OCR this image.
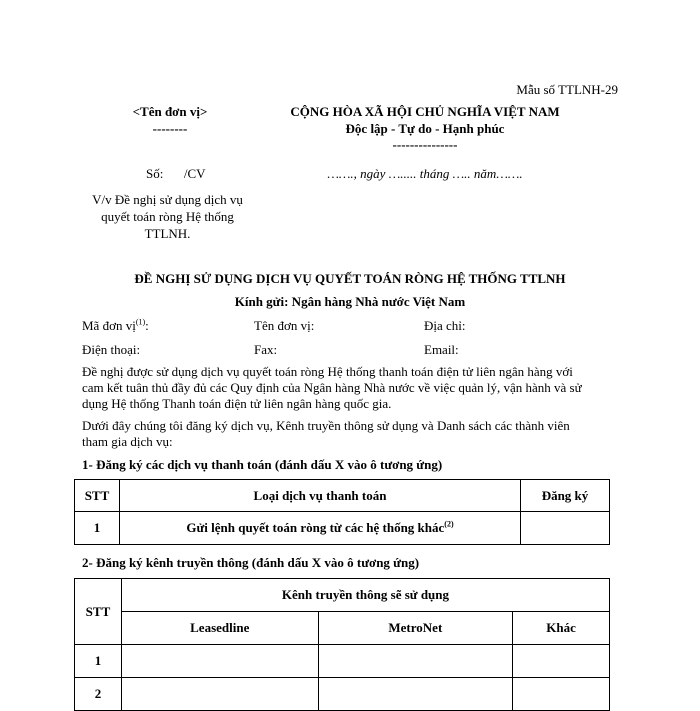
Mẫu số TTLNH-29
<Tên đơn vị>
--------
Số: /CV
V/v Đề nghị sử dụng dịch vụ
quyết toán ròng Hệ thống
TTLNH.
CỘNG HÒA XÃ HỘI CHỦ NGHĨA VIỆT NAM
Độc lập - Tự do - Hạnh phúc
---------------
……., ngày …..... tháng ….. năm…….
ĐỀ NGHỊ SỬ DỤNG DỊCH VỤ QUYẾT TOÁN RÒNG HỆ THỐNG TTLNH
Kính gửi: Ngân hàng Nhà nước Việt Nam
Mã đơn vị$^{(1)}$:	Tên đơn vị:	Địa chỉ:
Điện thoại:	Fax:	Email:
Đề nghị được sử dụng dịch vụ quyết toán ròng Hệ thống thanh toán điện tử liên ngân hàng với
cam kết tuân thủ đầy đủ các Quy định của Ngân hàng Nhà nước về việc quản lý, vận hành và sử
dụng Hệ thống Thanh toán điện tử liên ngân hàng quốc gia.
Dưới đây chúng tôi đăng ký dịch vụ, Kênh truyền thông sử dụng và Danh sách các thành viên
tham gia dịch vụ:
1- Đăng ký các dịch vụ thanh toán (đánh dấu X vào ô tương ứng)
STT	Loại dịch vụ thanh toán	Đăng ký
1	Gửi lệnh quyết toán ròng từ các hệ thống khác$^{(2)}$	
2- Đăng ký kênh truyền thông (đánh dấu X vào ô tương ứng)
STT	Kênh truyền thông sẽ sử dụng		
	Leasedline	MetroNet	Khác
1			
2			
